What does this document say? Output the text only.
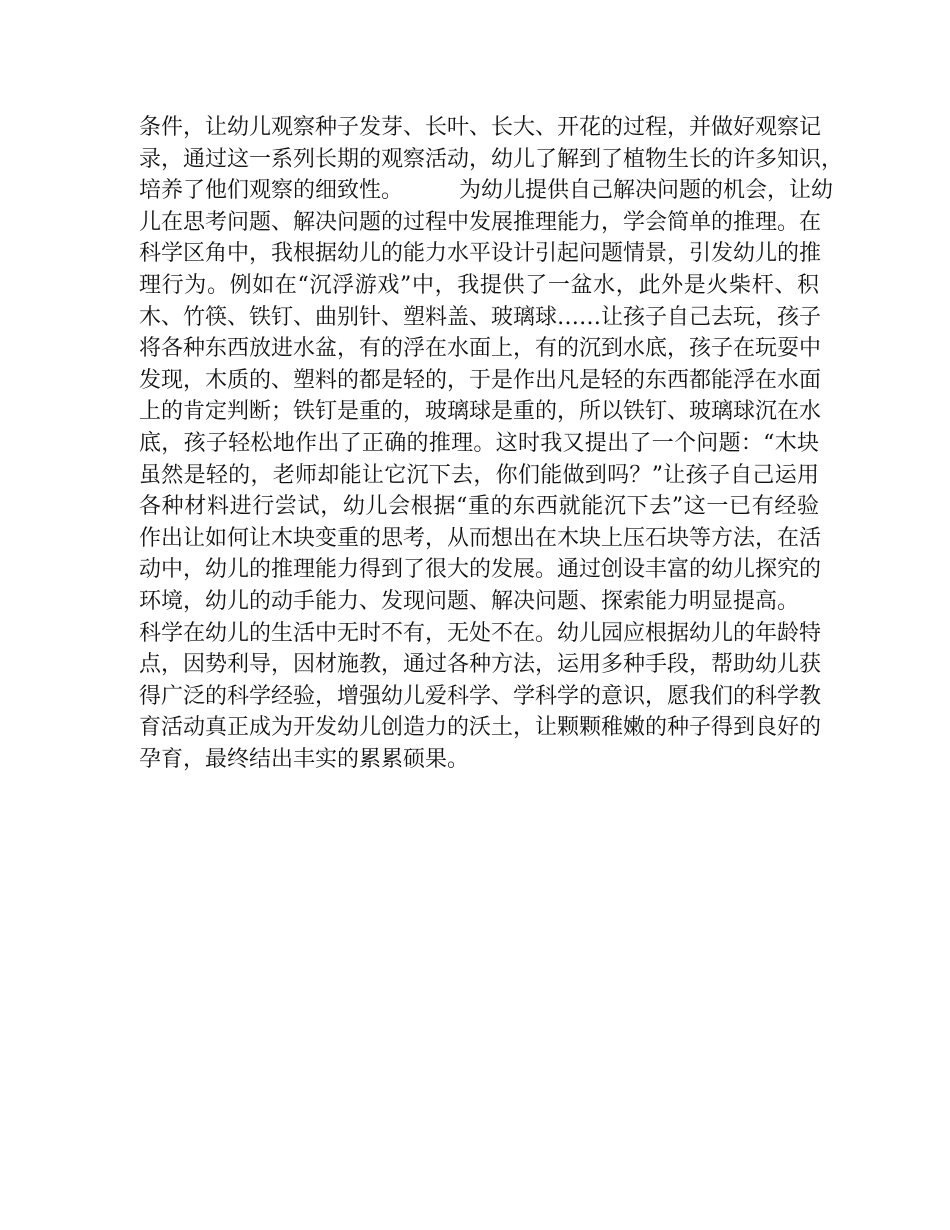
条件，让幼儿观察种子发芽、长叶、长大、开花的过程，并做好观察记
录，通过这一系列长期的观察活动，幼儿了解到了植物生长的许多知识，
培养了他们观察的细致性。        为幼儿提供自己解决问题的机会，让幼
儿在思考问题、解决问题的过程中发展推理能力，学会简单的推理。在
科学区角中，我根据幼儿的能力水平设计引起问题情景，引发幼儿的推
理行为。例如在“沉浮游戏”中，我提供了一盆水，此外是火柴杆、积
木、竹筷、铁钉、曲别针、塑料盖、玻璃球……让孩子自己去玩，孩子
将各种东西放进水盆，有的浮在水面上，有的沉到水底，孩子在玩耍中
发现，木质的、塑料的都是轻的，于是作出凡是轻的东西都能浮在水面
上的肯定判断；铁钉是重的，玻璃球是重的，所以铁钉、玻璃球沉在水
底，孩子轻松地作出了正确的推理。这时我又提出了一个问题：“木块
虽然是轻的，老师却能让它沉下去，你们能做到吗？”让孩子自己运用
各种材料进行尝试，幼儿会根据“重的东西就能沉下去”这一已有经验
作出让如何让木块变重的思考，从而想出在木块上压石块等方法，在活
动中，幼儿的推理能力得到了很大的发展。通过创设丰富的幼儿探究的
环境，幼儿的动手能力、发现问题、解决问题、探索能力明显提高。
科学在幼儿的生活中无时不有，无处不在。幼儿园应根据幼儿的年龄特
点，因势利导，因材施教，通过各种方法，运用多种手段，帮助幼儿获
得广泛的科学经验，增强幼儿爱科学、学科学的意识，愿我们的科学教
育活动真正成为开发幼儿创造力的沃土，让颗颗稚嫩的种子得到良好的
孕育，最终结出丰实的累累硕果。
